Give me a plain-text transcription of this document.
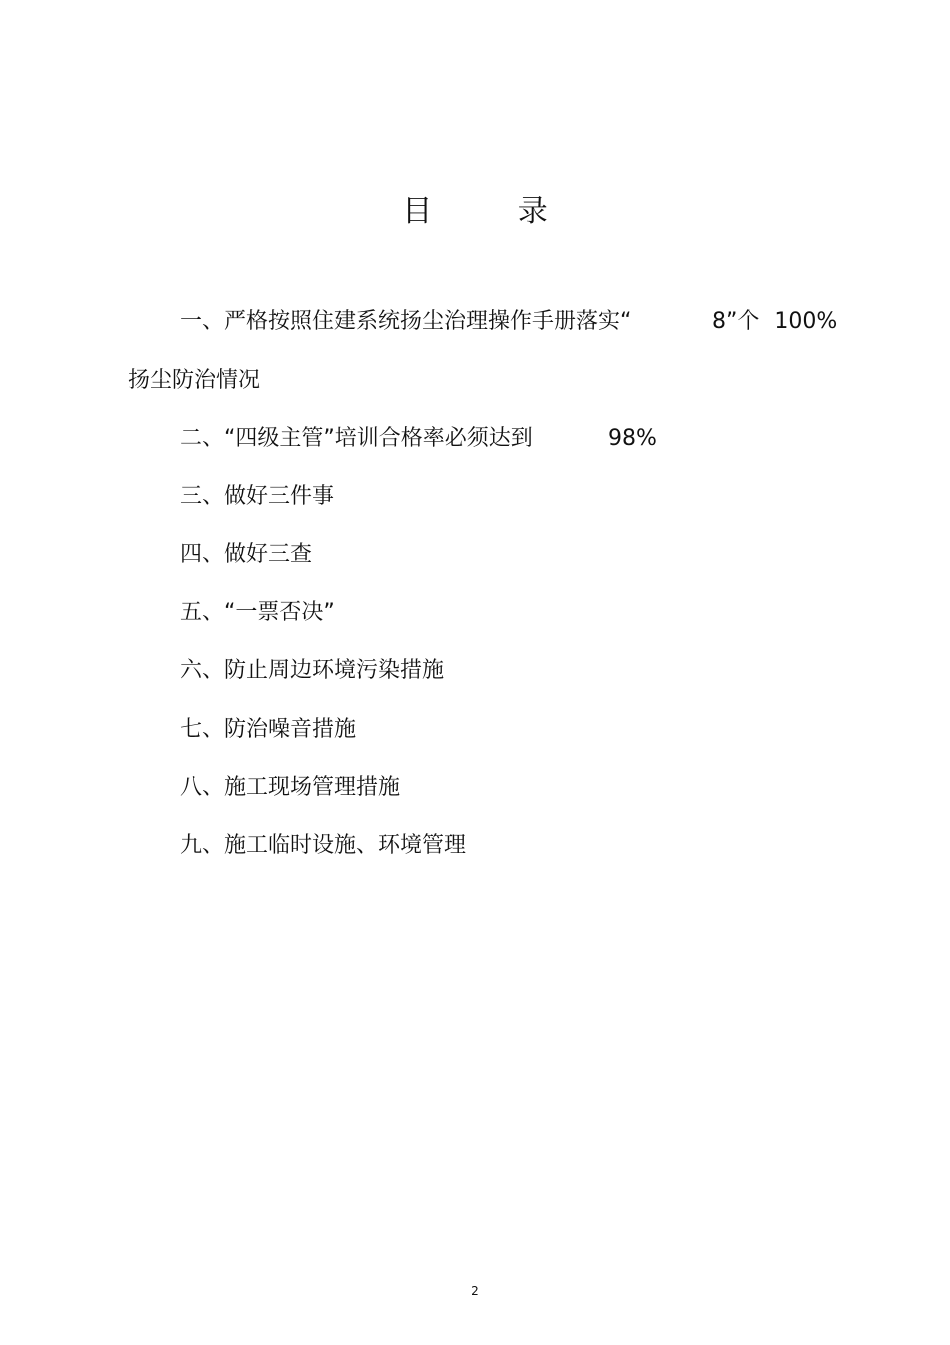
目 录
一、严格按照住建系统扬尘治理操作手册落实“	8”个 100%
扬尘防治情况
二、“四级主管”培训合格率必须达到	98%
三、做好三件事
四、做好三查
五、“一票否决”
六、防止周边环境污染措施
七、防治噪音措施
八、施工现场管理措施
九、施工临时设施、环境管理
2
